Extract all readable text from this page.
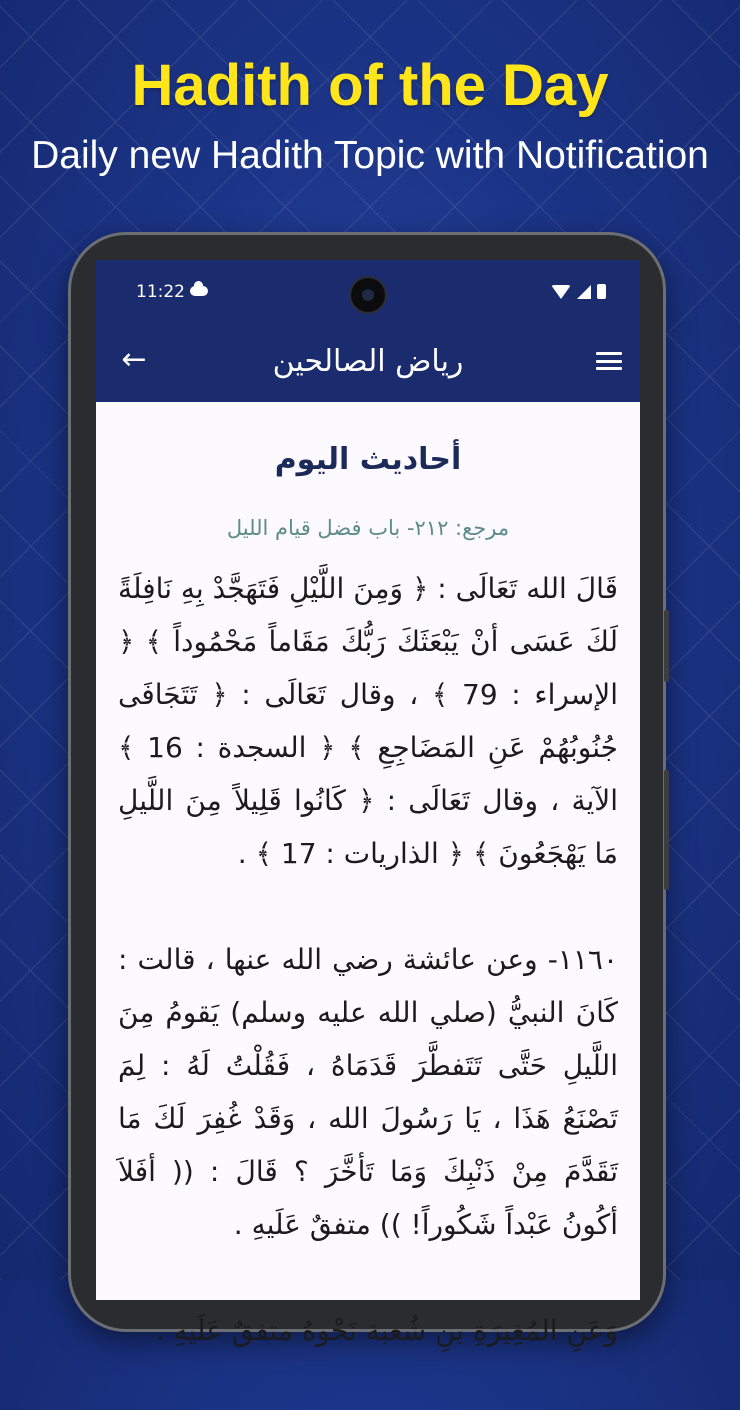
Hadith of the Day
Daily new Hadith Topic with Notification
11:22
←	رياض الصالحين
أحاديث اليوم
مرجع: ٢١٢- باب فضل قيام الليل

قَالَ الله تَعَالَى : ﴿ وَمِنَ اللَّيْلِ فَتَهَجَّدْ بِهِ نَافِلَةً لَكَ عَسَى أنْ يَبْعَثَكَ رَبُّكَ مَقَاماً مَحْمُوداً ﴾ ﴿ الإسراء : 79 ﴾ ، وقال تَعَالَى : ﴿ تَتَجَافَى جُنُوبُهُمْ عَنِ المَضَاجِعِ ﴾ ﴿ السجدة : 16 ﴾ الآية ، وقال تَعَالَى : ﴿ كَانُوا قَلِيلاً مِنَ اللَّيلِ مَا يَهْجَعُونَ ﴾ ﴿ الذاريات : 17 ﴾ .

١١٦٠- وعن عائشة رضي الله عنها ، قالت : كَانَ النبيُّ (صلي الله عليه وسلم) يَقومُ مِنَ اللَّيلِ حَتَّى تَتَفطَّرَ قَدَمَاهُ ، فَقُلْتُ لَهُ : لِمَ تَصْنَعُ هَذَا ، يَا رَسُولَ الله ، وَقَدْ غُفِرَ لَكَ مَا تَقَدَّمَ مِنْ ذَنْبِكَ وَمَا تَأخَّرَ ؟ قَالَ : (( أفَلاَ أكُونُ عَبْداً شَكُوراً! )) متفقٌ عَلَيهِ .

وَعَنِ المُغِيرَةِ بنِ شُعبة نَحْوهُ متفقٌ عَلَيهِ .
